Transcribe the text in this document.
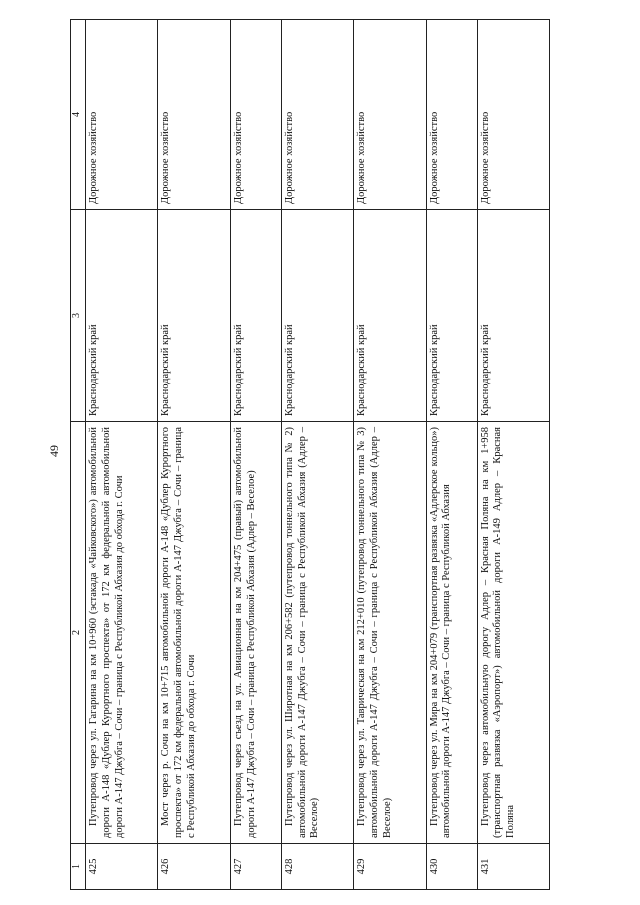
49
1	2	3	4
425	Путепровод через ул. Гагарина на км 10+960 (эстакада «Чайковского») автомобильной дороги А-148 «Дублер Курортного проспекта» от 172 км федеральной автомобильной дороги А-147 Джубга – Сочи – граница с Республикой Абхазия до обхода г. Сочи	Краснодарский край	Дорожное хозяйство
426	Мост через р. Сочи на км 10+715 автомобильной дороги А-148 «Дублер Курортного проспекта» от 172 км федеральной автомобильной дороги А-147 Джубга – Сочи – граница с Республикой Абхазия до обхода г. Сочи	Краснодарский край	Дорожное хозяйство
427	Путепровод через съезд на ул. Авиационная на км 204+475 (правый) автомобильной дороги А-147 Джубга – Сочи – граница с Республикой Абхазия (Адлер – Веселое)	Краснодарский край	Дорожное хозяйство
428	Путепровод через ул. Широтная на км 206+582 (путепровод тоннельного типа № 2) автомобильной дороги А-147 Джубга – Сочи – граница с Республикой Абхазия (Адлер – Веселое)	Краснодарский край	Дорожное хозяйство
429	Путепровод через ул. Таврическая на км 212+010 (путепровод тоннельного типа № 3) автомобильной дороги А-147 Джубга – Сочи – граница с Республикой Абхазия (Адлер – Веселое)	Краснодарский край	Дорожное хозяйство
430	Путепровод через ул. Мира на км 204+079 (транспортная развязка «Адлерское кольцо») автомобильной дороги А-147 Джубга – Сочи – граница с Республикой Абхазия	Краснодарский край	Дорожное хозяйство
431	Путепровод через автомобильную дорогу Адлер – Красная Поляна на км 1+958 (транспортная развязка «Аэропорт») автомобильной дороги А-149 Адлер – Красная Поляна	Краснодарский край	Дорожное хозяйство
